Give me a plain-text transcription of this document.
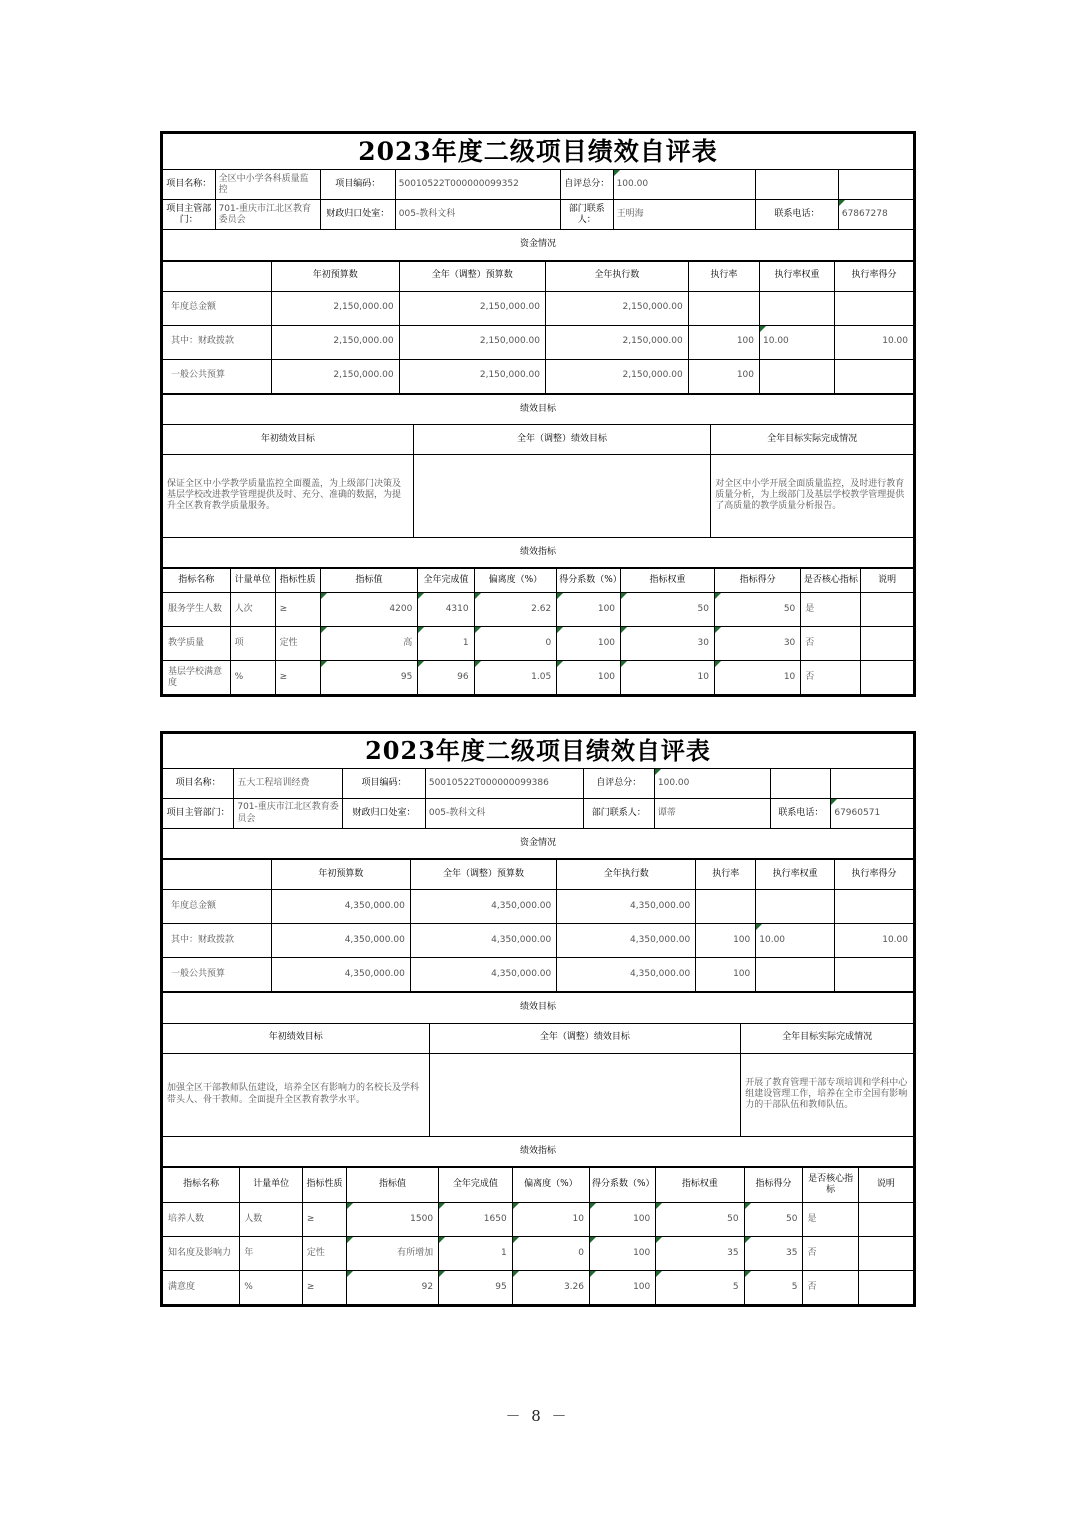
2023年度二级项目绩效自评表							
项目名称：	全区中小学各科质量监控	项目编码：	50010522T000000099352	自评总分：	100.00		
项目主管部门：	701-重庆市江北区教育委员会	财政归口处室：	005-教科文科	部门联系人：	王明海	联系电话：	67867278
资金情况							
	年初预算数	全年（调整）预算数	全年执行数	执行率	执行率权重	执行率得分
年度总金额	2,150,000.00	2,150,000.00	2,150,000.00			
其中：财政拨款	2,150,000.00	2,150,000.00	2,150,000.00	100	10.00	10.00
一般公共预算	2,150,000.00	2,150,000.00	2,150,000.00	100		
绩效目标		
年初绩效目标	全年（调整）绩效目标	全年目标实际完成情况
保证全区中小学教学质量监控全面覆盖，为上级部门决策及基层学校改进教学管理提供及时、充分、准确的数据，为提升全区教育教学质量服务。		对全区中小学开展全面质量监控，及时进行教育质量分析，为上级部门及基层学校教学管理提供了高质量的教学质量分析报告。
绩效指标		
指标名称	计量单位	指标性质	指标值	全年完成值	偏离度（%）	得分系数（%）	指标权重	指标得分	是否核心指标	说明
服务学生人数	人次	≥	4200	4310	2.62	100	50	50	是	
教学质量	项	定性	高	1	0	100	30	30	否	
基层学校满意度	%	≥	95	96	1.05	100	10	10	否	
2023年度二级项目绩效自评表							
项目名称：	五大工程培训经费	项目编码：	50010522T000000099386	自评总分：	100.00		
项目主管部门：	701-重庆市江北区教育委员会	财政归口处室：	005-教科文科	部门联系人：	谭蒂	联系电话：	67960571
资金情况							
	年初预算数	全年（调整）预算数	全年执行数	执行率	执行率权重	执行率得分
年度总金额	4,350,000.00	4,350,000.00	4,350,000.00			
其中：财政拨款	4,350,000.00	4,350,000.00	4,350,000.00	100	10.00	10.00
一般公共预算	4,350,000.00	4,350,000.00	4,350,000.00	100		
绩效目标		
年初绩效目标	全年（调整）绩效目标	全年目标实际完成情况
加强全区干部教师队伍建设，培养全区有影响力的名校长及学科带头人、骨干教师。全面提升全区教育教学水平。		开展了教育管理干部专项培训和学科中心组建设管理工作，培养在全市全国有影响力的干部队伍和教师队伍。
绩效指标		
指标名称	计量单位	指标性质	指标值	全年完成值	偏离度（%）	得分系数（%）	指标权重	指标得分	是否核心指标	说明
培养人数	人数	≥	1500	1650	10	100	50	50	是	
知名度及影响力	年	定性	有所增加	1	0	100	35	35	否	
满意度	%	≥	92	95	3.26	100	5	5	否	
－ 8 －
